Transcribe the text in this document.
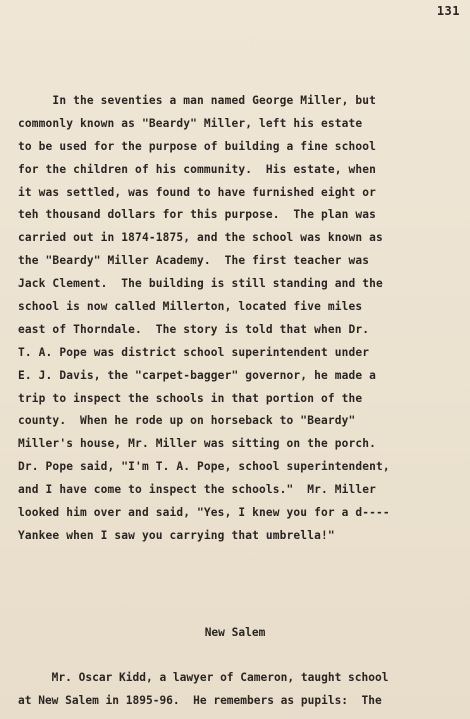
131
In the seventies a man named George Miller, but
commonly known as "Beardy" Miller, left his estate
to be used for the purpose of building a fine school
for the children of his community.  His estate, when
it was settled, was found to have furnished eight or
teh thousand dollars for this purpose.  The plan was
carried out in 1874-1875, and the school was known as
the "Beardy" Miller Academy.  The first teacher was
Jack Clement.  The building is still standing and the
school is now called Millerton, located five miles
east of Thorndale.  The story is told that when Dr.
T. A. Pope was district school superintendent under
E. J. Davis, the "carpet-bagger" governor, he made a
trip to inspect the schools in that portion of the
county.  When he rode up on horseback to "Beardy"
Miller's house, Mr. Miller was sitting on the porch.
Dr. Pope said, "I'm T. A. Pope, school superintendent,
and I have come to inspect the schools."  Mr. Miller
looked him over and said, "Yes, I knew you for a d----
Yankee when I saw you carrying that umbrella!"
New Salem
Mr. Oscar Kidd, a lawyer of Cameron, taught school
at New Salem in 1895-96.  He remembers as pupils:  The
